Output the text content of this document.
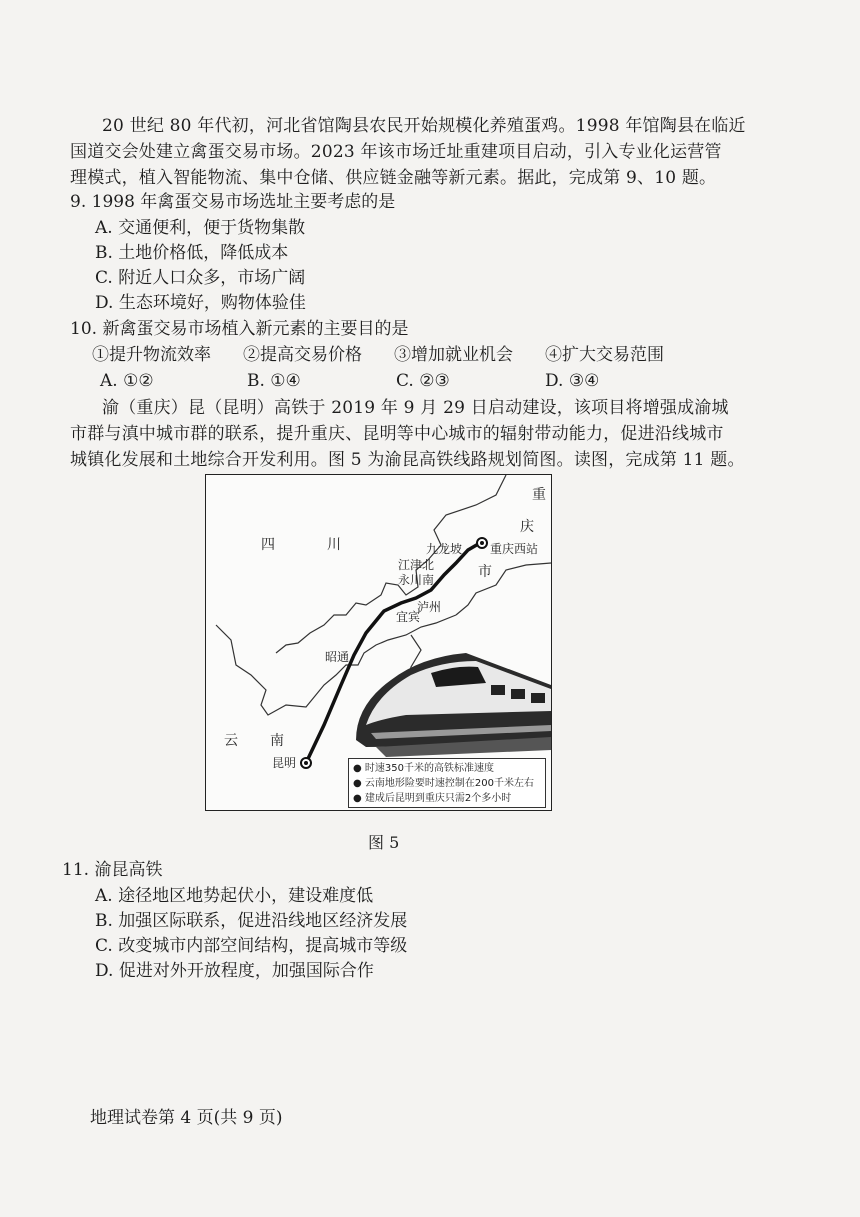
20 世纪 80 年代初，河北省馆陶县农民开始规模化养殖蛋鸡。1998 年馆陶县在临近
国道交会处建立禽蛋交易市场。2023 年该市场迁址重建项目启动，引入专业化运营管
理模式，植入智能物流、集中仓储、供应链金融等新元素。据此，完成第 9、10 题。
9. 1998 年禽蛋交易市场选址主要考虑的是
A. 交通便利，便于货物集散
B. 土地价格低，降低成本
C. 附近人口众多，市场广阔
D. 生态环境好，购物体验佳
10. 新禽蛋交易市场植入新元素的主要目的是
①提升物流效率 ②提高交易价格 ③增加就业机会 ④扩大交易范围
A. ①②	B. ①④	C. ②③	D. ③④
渝（重庆）昆（昆明）高铁于 2019 年 9 月 29 日启动建设，该项目将增强成渝城
市群与滇中城市群的联系，提升重庆、昆明等中心城市的辐射带动能力，促进沿线城市
城镇化发展和土地综合开发利用。图 5 为渝昆高铁线路规划简图。读图，完成第 11 题。
四	川
重
庆
市
云 南
九龙坡 重庆西站
江津北
永川南
泸州
宜宾
昭通
昆明	● 时速350千米的高铁标准速度
● 云南地形险要时速控制在200千米左右
● 建成后昆明到重庆只需2个多小时
图 5
11. 渝昆高铁
A. 途径地区地势起伏小，建设难度低
B. 加强区际联系，促进沿线地区经济发展
C. 改变城市内部空间结构，提高城市等级
D. 促进对外开放程度，加强国际合作
地理试卷第 4 页(共 9 页)
